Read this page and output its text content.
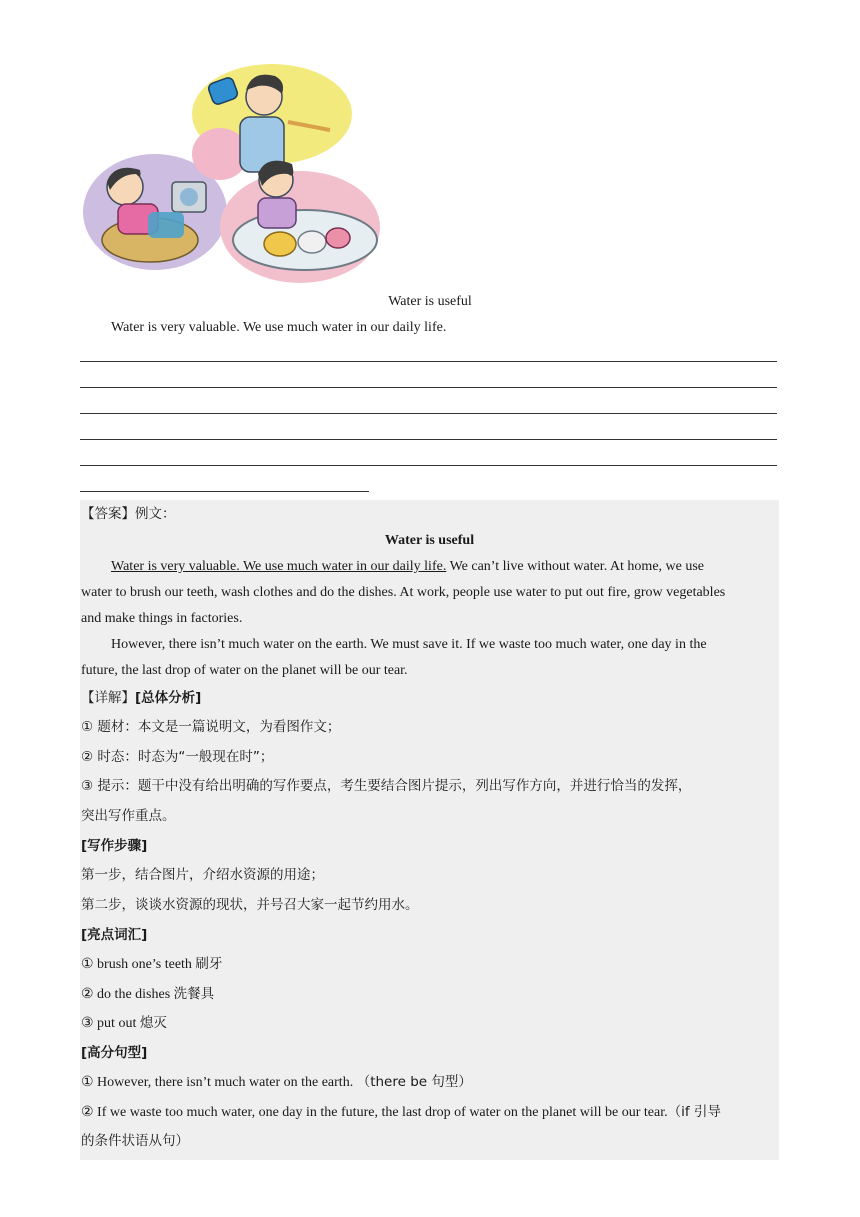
Water is useful
Water is very valuable. We use much water in our daily life.
【答案】例文：
Water is useful
Water is very valuable. We use much water in our daily life. We can’t live without water. At home, we use
water to brush our teeth, wash clothes and do the dishes. At work, people use water to put out fire, grow vegetables
and make things in factories.
However, there isn’t much water on the earth. We must save it. If we waste too much water, one day in the
future, the last drop of water on the planet will be our tear.
【详解】[总体分析]
① 题材：本文是一篇说明文，为看图作文；
② 时态：时态为“一般现在时”；
③ 提示：题干中没有给出明确的写作要点，考生要结合图片提示，列出写作方向，并进行恰当的发挥，
突出写作重点。
[写作步骤]
第一步，结合图片，介绍水资源的用途；
第二步，谈谈水资源的现状，并号召大家一起节约用水。
[亮点词汇]
① brush one’s teeth 刷牙
② do the dishes 洗餐具
③ put out 熄灭
[高分句型]
① However, there isn’t much water on the earth. （there be 句型）
② If we waste too much water, one day in the future, the last drop of water on the planet will be our tear.（if 引导
的条件状语从句）
